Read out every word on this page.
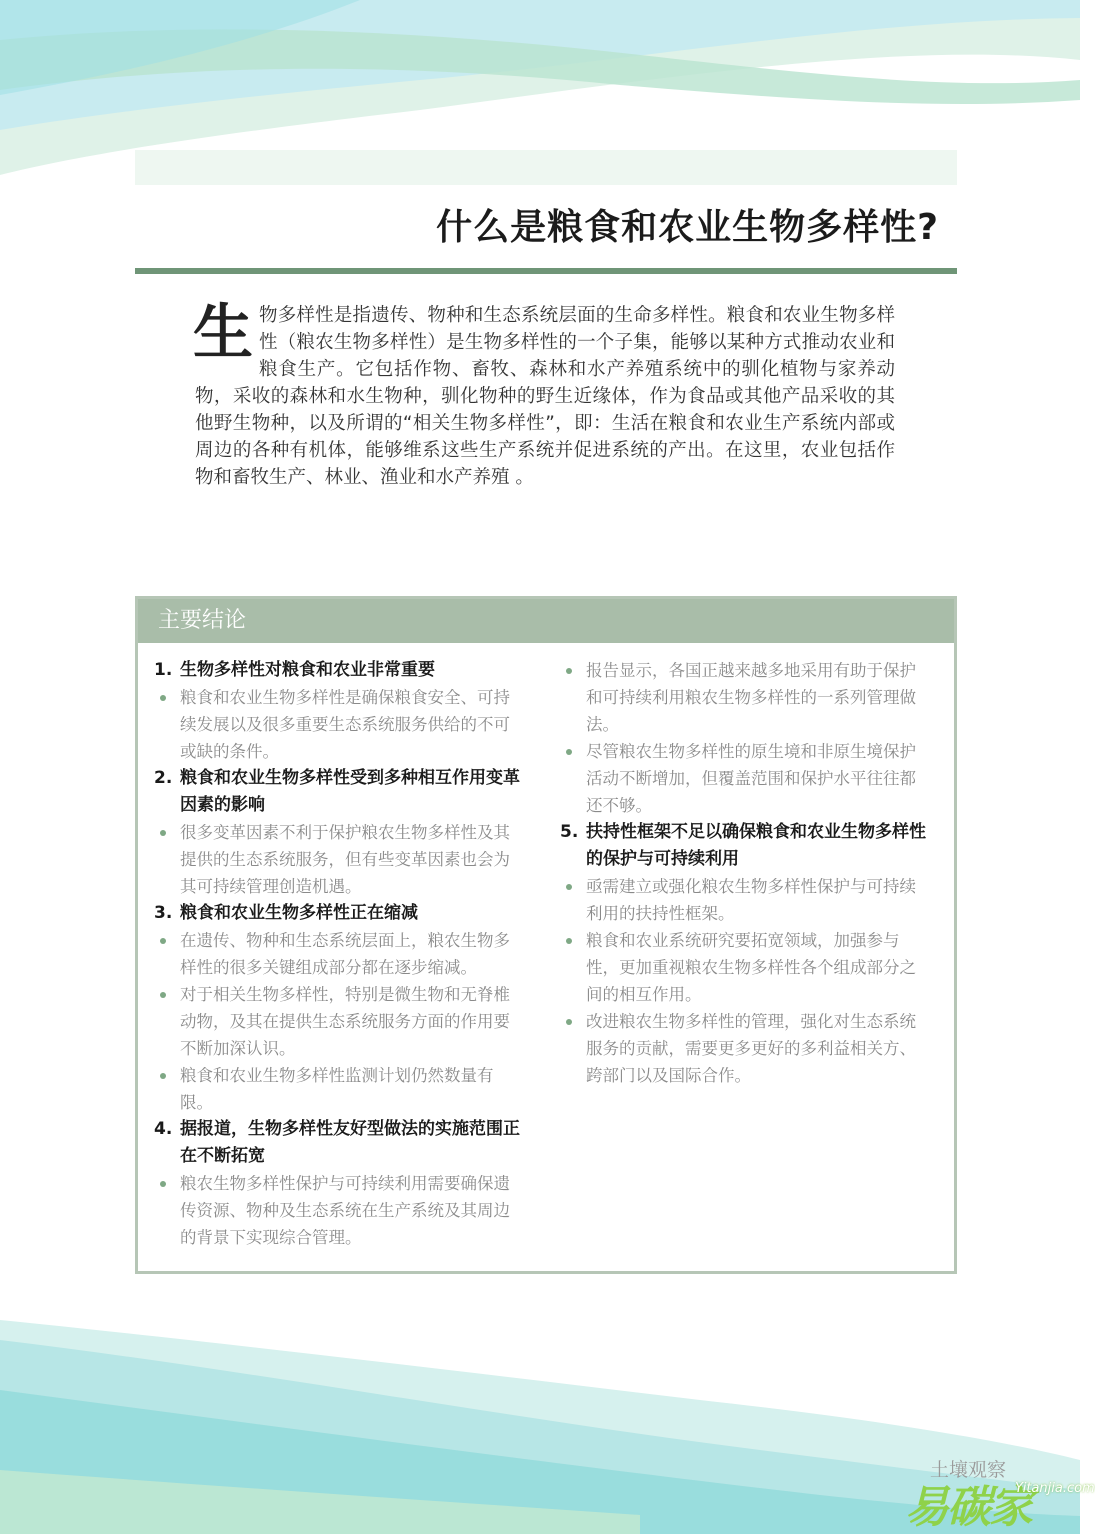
什么是粮食和农业生物多样性?
生 物多样性是指遗传、物种和生态系统层面的生命多样性。粮食和农业生物多样性（粮农生物多样性）是生物多样性的一个子集，能够以某种方式推动农业和粮食生产。它包括作物、畜牧、森林和水产养殖系统中的驯化植物与家养动物，采收的森林和水生物种，驯化物种的野生近缘体，作为食品或其他产品采收的其他野生物种，以及所谓的“相关生物多样性”，即：生活在粮食和农业生产系统内部或周边的各种有机体，能够维系这些生产系统并促进系统的产出。在这里，农业包括作物和畜牧生产、林业、渔业和水产养殖 。
主要结论
1. 生物多样性对粮食和农业非常重要
粮食和农业生物多样性是确保粮食安全、可持续发展以及很多重要生态系统服务供给的不可或缺的条件。
2. 粮食和农业生物多样性受到多种相互作用变革因素的影响
很多变革因素不利于保护粮农生物多样性及其提供的生态系统服务，但有些变革因素也会为其可持续管理创造机遇。
3. 粮食和农业生物多样性正在缩减
在遗传、物种和生态系统层面上，粮农生物多样性的很多关键组成部分都在逐步缩减。
对于相关生物多样性，特别是微生物和无脊椎动物，及其在提供生态系统服务方面的作用要不断加深认识。
粮食和农业生物多样性监测计划仍然数量有限。
4. 据报道，生物多样性友好型做法的实施范围正在不断拓宽
粮农生物多样性保护与可持续利用需要确保遗传资源、物种及生态系统在生产系统及其周边的背景下实现综合管理。
报告显示，各国正越来越多地采用有助于保护和可持续利用粮农生物多样性的一系列管理做法。
尽管粮农生物多样性的原生境和非原生境保护活动不断增加，但覆盖范围和保护水平往往都还不够。
5. 扶持性框架不足以确保粮食和农业生物多样性的保护与可持续利用
亟需建立或强化粮农生物多样性保护与可持续利用的扶持性框架。
粮食和农业系统研究要拓宽领域，加强参与性，更加重视粮农生物多样性各个组成部分之间的相互作用。
改进粮农生物多样性的管理，强化对生态系统服务的贡献，需要更多更好的多利益相关方、跨部门以及国际合作。
土壤观察
易碳家
Yitanjia.com
